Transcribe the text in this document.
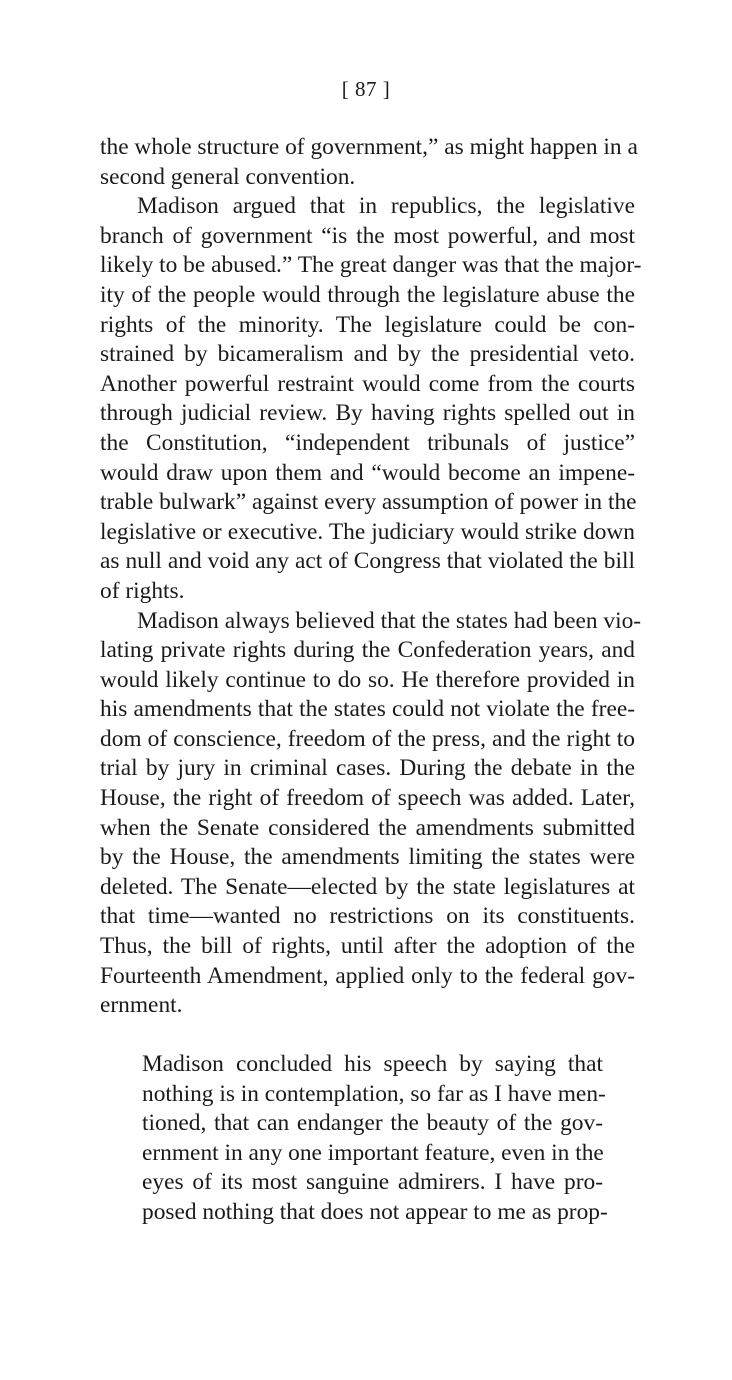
[ 87 ]
the whole structure of government,” as might happen in a
second general convention.
Madison argued that in republics, the legislative
branch of government “is the most powerful, and most
likely to be abused.” The great danger was that the major-
ity of the people would through the legislature abuse the
rights of the minority. The legislature could be con-
strained by bicameralism and by the presidential veto.
Another powerful restraint would come from the courts
through judicial review. By having rights spelled out in
the Constitution, “independent tribunals of justice”
would draw upon them and “would become an impene-
trable bulwark” against every assumption of power in the
legislative or executive. The judiciary would strike down
as null and void any act of Congress that violated the bill
of rights.
Madison always believed that the states had been vio-
lating private rights during the Confederation years, and
would likely continue to do so. He therefore provided in
his amendments that the states could not violate the free-
dom of conscience, freedom of the press, and the right to
trial by jury in criminal cases. During the debate in the
House, the right of freedom of speech was added. Later,
when the Senate considered the amendments submitted
by the House, the amendments limiting the states were
deleted. The Senate—elected by the state legislatures at
that time—wanted no restrictions on its constituents.
Thus, the bill of rights, until after the adoption of the
Fourteenth Amendment, applied only to the federal gov-
ernment.
Madison concluded his speech by saying that
nothing is in contemplation, so far as I have men-
tioned, that can endanger the beauty of the gov-
ernment in any one important feature, even in the
eyes of its most sanguine admirers. I have pro-
posed nothing that does not appear to me as prop-
